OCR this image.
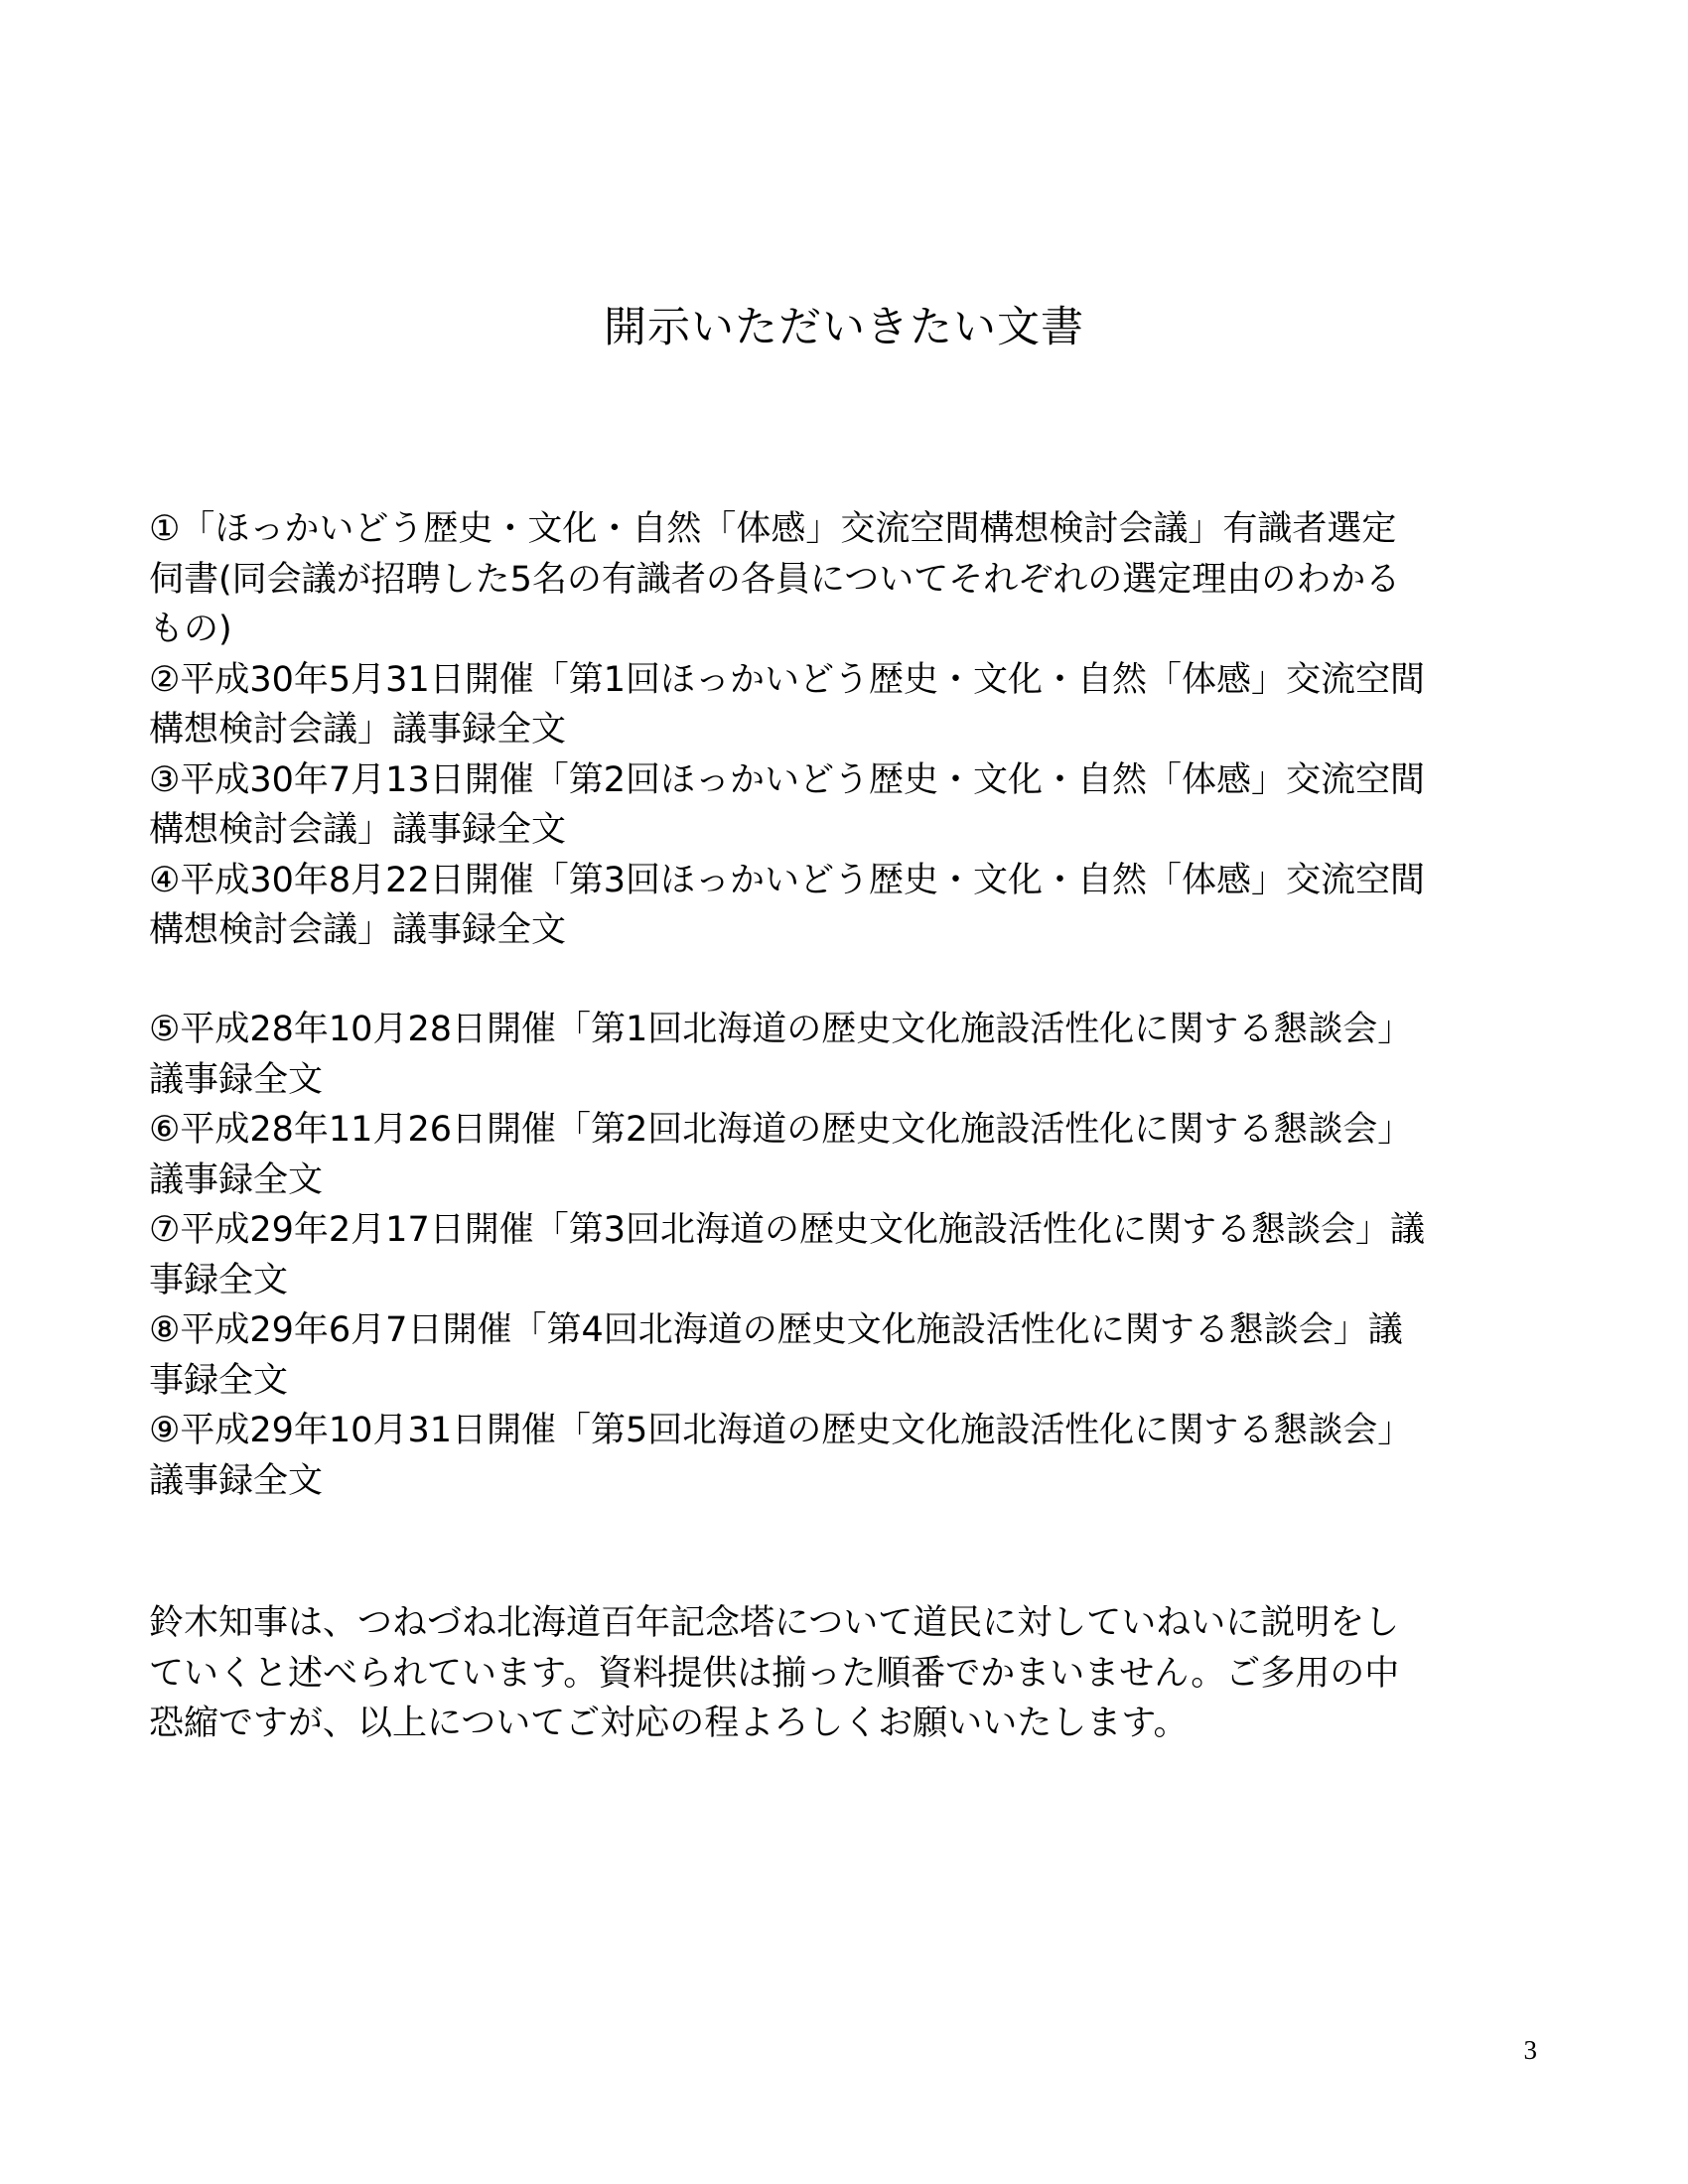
開示いただいきたい文書

①「ほっかいどう歴史・文化・自然「体感」交流空間構想検討会議」有識者選定

伺書(同会議が招聘した5名の有識者の各員についてそれぞれの選定理由のわかる

もの)

②平成30年5月31日開催「第1回ほっかいどう歴史・文化・自然「体感」交流空間

構想検討会議」議事録全文

③平成30年7月13日開催「第2回ほっかいどう歴史・文化・自然「体感」交流空間

構想検討会議」議事録全文

④平成30年8月22日開催「第3回ほっかいどう歴史・文化・自然「体感」交流空間

構想検討会議」議事録全文

⑤平成28年10月28日開催「第1回北海道の歴史文化施設活性化に関する懇談会」

議事録全文

⑥平成28年11月26日開催「第2回北海道の歴史文化施設活性化に関する懇談会」

議事録全文

⑦平成29年2月17日開催「第3回北海道の歴史文化施設活性化に関する懇談会」議

事録全文

⑧平成29年6月7日開催「第4回北海道の歴史文化施設活性化に関する懇談会」議

事録全文

⑨平成29年10月31日開催「第5回北海道の歴史文化施設活性化に関する懇談会」

議事録全文

鈴木知事は、つねづね北海道百年記念塔について道民に対していねいに説明をし

ていくと述べられています。資料提供は揃った順番でかまいません。ご多用の中

恐縮ですが、以上についてご対応の程よろしくお願いいたします。

3
